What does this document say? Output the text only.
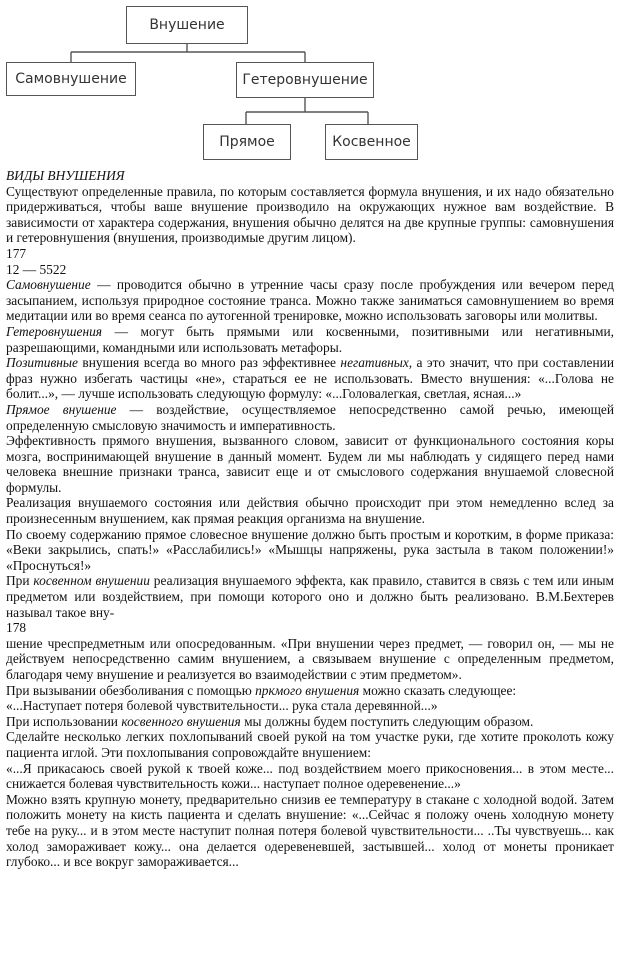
Внушение
Самовнушение	Гетеровнушение
Прямое	Косвенное

ВИДЫ ВНУШЕНИЯ

Существуют определенные правила, по которым составляется формула внушения, и их надо обязательно придерживаться, чтобы ваше внушение производило на окружающих нужное вам воздействие. В зависимости от характера содержания, внушения обычно делятся на две крупные группы: самовнушения и гетеровнушения (внушения, производимые другим лицом).

177

12 — 5522

Самовнушение — проводится обычно в утренние часы сразу после пробуждения или вечером перед засыпанием, используя природное состояние транса. Можно также заниматься самовнушением во время медитации или во время сеанса по аутогенной тренировке, можно использовать заговоры или молитвы.

Гетеровнушения — могут быть прямыми или косвенными, позитивными или негативными, разрешающими, командными или использовать метафоры.

Позитивные внушения всегда во много раз эффективнее негативных, а это значит, что при составлении фраз нужно избегать частицы «не», стараться ее не использовать. Вместо внушения: «...Голова не болит...», — лучше использовать следующую формулу: «...Головалегкая, светлая, ясная...»

Прямое внушение — воздействие, осуществляемое непосредственно самой речью, имеющей определенную смысловую значимость и императивность.

Эффективность прямого внушения, вызванного словом, зависит от функционального состояния коры мозга, воспринимающей внушение в данный момент. Будем ли мы наблюдать у сидящего перед нами человека внешние признаки транса, зависит еще и от смыслового содержания внушаемой словесной формулы.

Реализация внушаемого состояния или действия обычно происходит при этом немедленно вслед за произнесенным внушением, как прямая реакция организма на внушение.

По своему содержанию прямое словесное внушение должно быть простым и коротким, в форме приказа: «Веки закрылись, спать!» «Расслабились!» «Мышцы напряжены, рука застыла в таком положении!» «Проснуться!»

При косвенном внушении реализация внушаемого эффекта, как правило, ставится в связь с тем или иным предметом или воздействием, при помощи которого оно и должно быть реализовано. В.М.Бехтерев называл такое вну-

178

шение чреспредметным или опосредованным. «При внушении через предмет, — говорил он, — мы не действуем непосредственно самим внушением, а связываем внушение с определенным предметом, благодаря чему внушение и реализуется во взаимодействии с этим предметом».

При вызывании обезболивания с помощью пркмого внушения можно сказать следующее:

«...Наступает потеря болевой чувствительности... рука стала деревянной...»

При использовании косвенного внушения мы должны будем поступить следующим образом.

Сделайте несколько легких похлопываний своей рукой на том участке руки, где хотите проколоть кожу пациента иглой. Эти похлопывания сопровождайте внушением:

«...Я прикасаюсь своей рукой к твоей коже... под воздействием моего прикосновения... в этом месте... снижается болевая чувствительность кожи... наступает полное одеревенение...»

Можно взять крупную монету, предварительно снизив ее температуру в стакане с холодной водой. Затем положить монету на кисть пациента и сделать внушение: «...Сейчас я положу очень холодную монету тебе на руку... и в этом месте наступит полная потеря болевой чувствительности... ..Ты чувствуешь... как холод замораживает кожу... она делается одеревеневшей, застывшей... холод от монеты проникает глубоко... и все вокруг замораживается...
